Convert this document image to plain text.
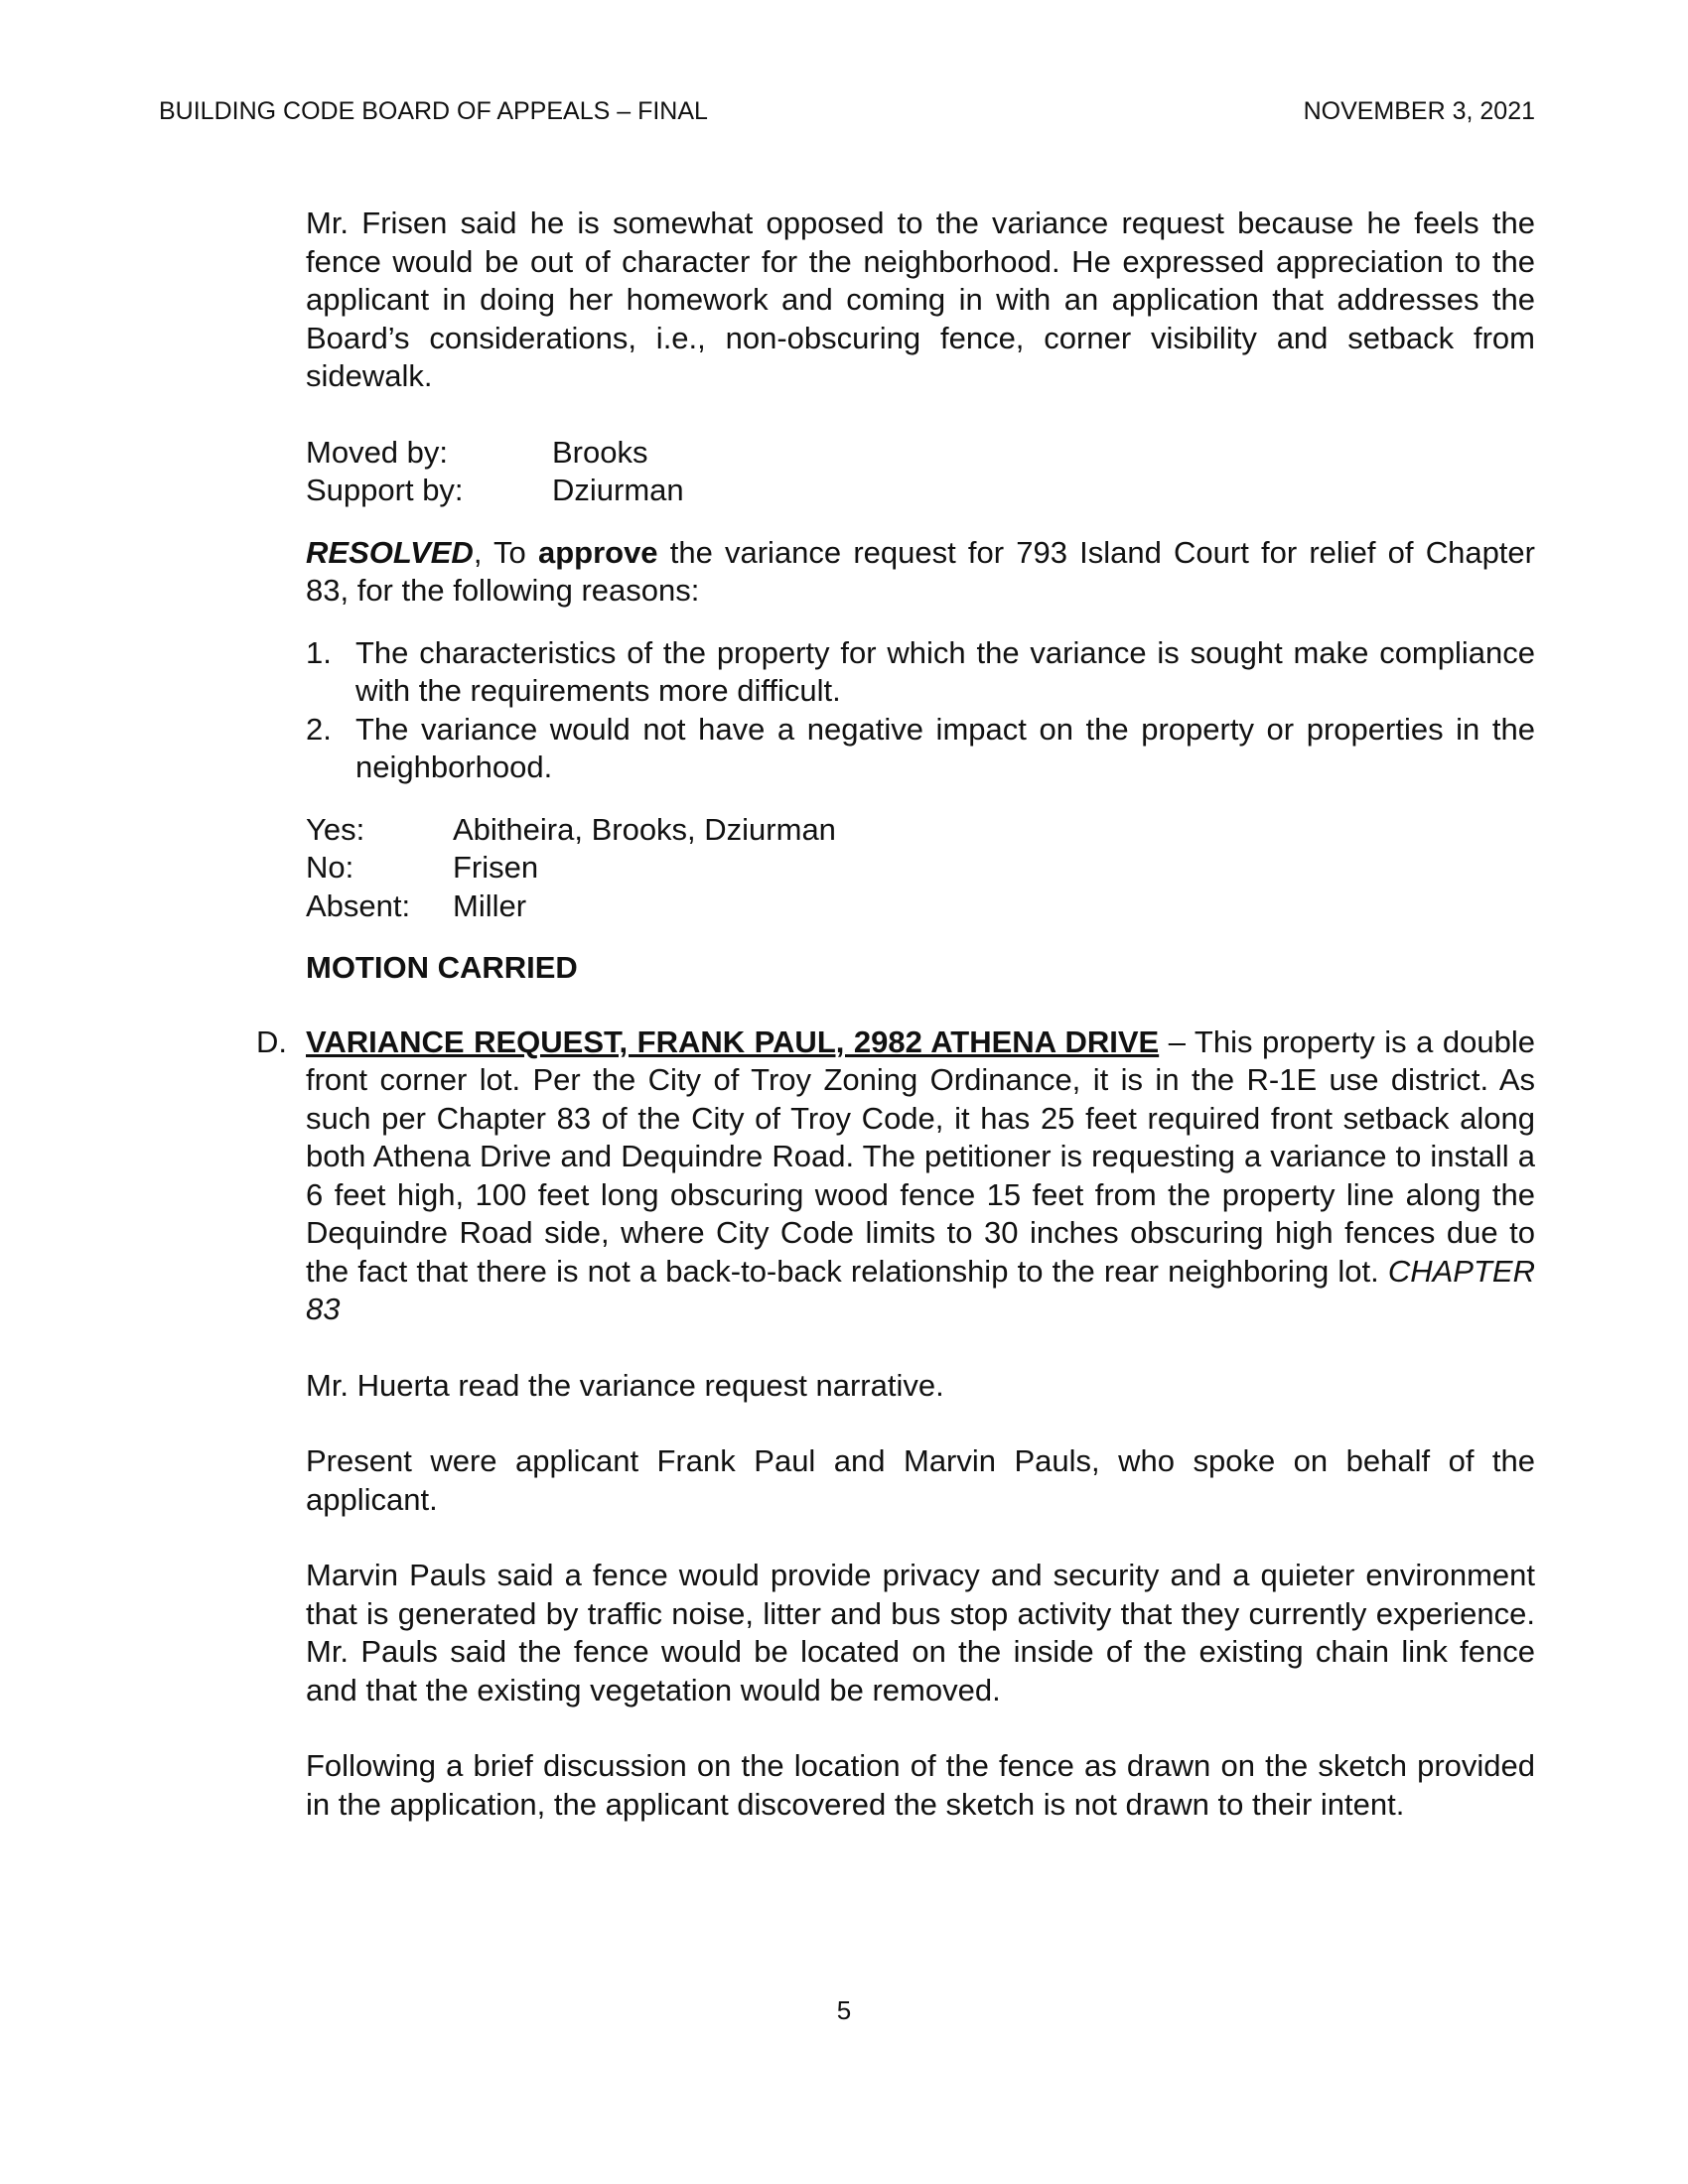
BUILDING CODE BOARD OF APPEALS – FINAL	NOVEMBER 3, 2021

Mr. Frisen said he is somewhat opposed to the variance request because he feels the fence would be out of character for the neighborhood. He expressed appreciation to the applicant in doing her homework and coming in with an application that addresses the Board’s considerations, i.e., non-obscuring fence, corner visibility and setback from sidewalk.

Moved by:	Brooks
Support by:	Dziurman

RESOLVED, To approve the variance request for 793 Island Court for relief of Chapter 83, for the following reasons:

1. The characteristics of the property for which the variance is sought make compliance with the requirements more difficult.
2. The variance would not have a negative impact on the property or properties in the neighborhood.
Yes:	Abitheira, Brooks, Dziurman
No:	Frisen
Absent:	Miller
MOTION CARRIED
D. VARIANCE REQUEST, FRANK PAUL, 2982 ATHENA DRIVE – This property is a double front corner lot. Per the City of Troy Zoning Ordinance, it is in the R-1E use district. As such per Chapter 83 of the City of Troy Code, it has 25 feet required front setback along both Athena Drive and Dequindre Road. The petitioner is requesting a variance to install a 6 feet high, 100 feet long obscuring wood fence 15 feet from the property line along the Dequindre Road side, where City Code limits to 30 inches obscuring high fences due to the fact that there is not a back-to-back relationship to the rear neighboring lot. CHAPTER 83

Mr. Huerta read the variance request narrative.

Present were applicant Frank Paul and Marvin Pauls, who spoke on behalf of the applicant.

Marvin Pauls said a fence would provide privacy and security and a quieter environment that is generated by traffic noise, litter and bus stop activity that they currently experience. Mr. Pauls said the fence would be located on the inside of the existing chain link fence and that the existing vegetation would be removed.

Following a brief discussion on the location of the fence as drawn on the sketch provided in the application, the applicant discovered the sketch is not drawn to their intent.

5
